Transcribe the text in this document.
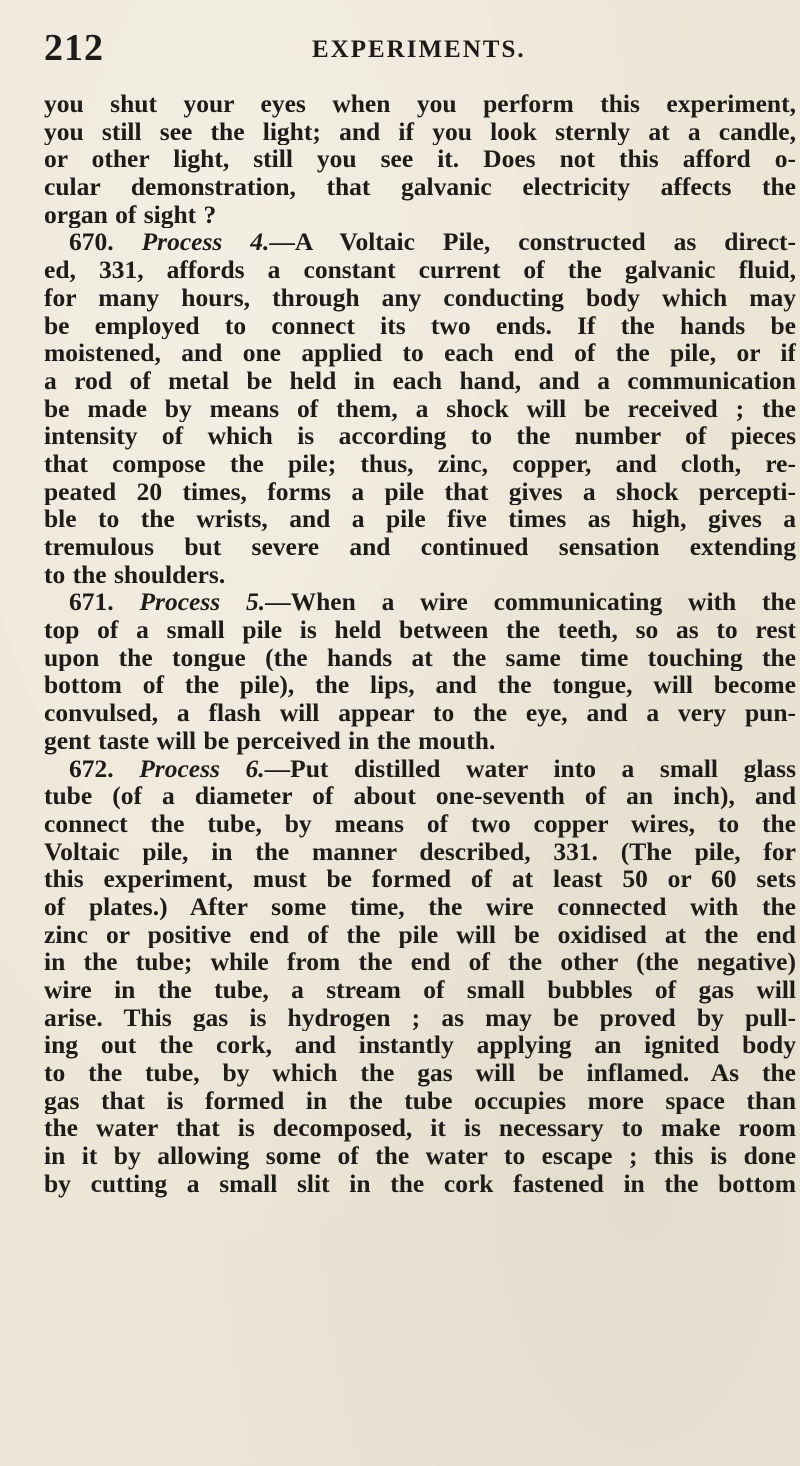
212	EXPERIMENTS.
you shut your eyes when you perform this experiment,
you still see the light; and if you look sternly at a candle,
or other light, still you see it. Does not this afford o-
cular demonstration, that galvanic electricity affects the
organ of sight ?
670. Process 4.—A Voltaic Pile, constructed as direct-
ed, 331, affords a constant current of the galvanic fluid,
for many hours, through any conducting body which may
be employed to connect its two ends. If the hands be
moistened, and one applied to each end of the pile, or if
a rod of metal be held in each hand, and a communication
be made by means of them, a shock will be received ; the
intensity of which is according to the number of pieces
that compose the pile; thus, zinc, copper, and cloth, re-
peated 20 times, forms a pile that gives a shock percepti-
ble to the wrists, and a pile five times as high, gives a
tremulous but severe and continued sensation extending
to the shoulders.
671. Process 5.—When a wire communicating with the
top of a small pile is held between the teeth, so as to rest
upon the tongue (the hands at the same time touching the
bottom of the pile), the lips, and the tongue, will become
convulsed, a flash will appear to the eye, and a very pun-
gent taste will be perceived in the mouth.
672. Process 6.—Put distilled water into a small glass
tube (of a diameter of about one-seventh of an inch), and
connect the tube, by means of two copper wires, to the
Voltaic pile, in the manner described, 331. (The pile, for
this experiment, must be formed of at least 50 or 60 sets
of plates.) After some time, the wire connected with the
zinc or positive end of the pile will be oxidised at the end
in the tube; while from the end of the other (the negative)
wire in the tube, a stream of small bubbles of gas will
arise. This gas is hydrogen ; as may be proved by pull-
ing out the cork, and instantly applying an ignited body
to the tube, by which the gas will be inflamed. As the
gas that is formed in the tube occupies more space than
the water that is decomposed, it is necessary to make room
in it by allowing some of the water to escape ; this is done
by cutting a small slit in the cork fastened in the bottom
